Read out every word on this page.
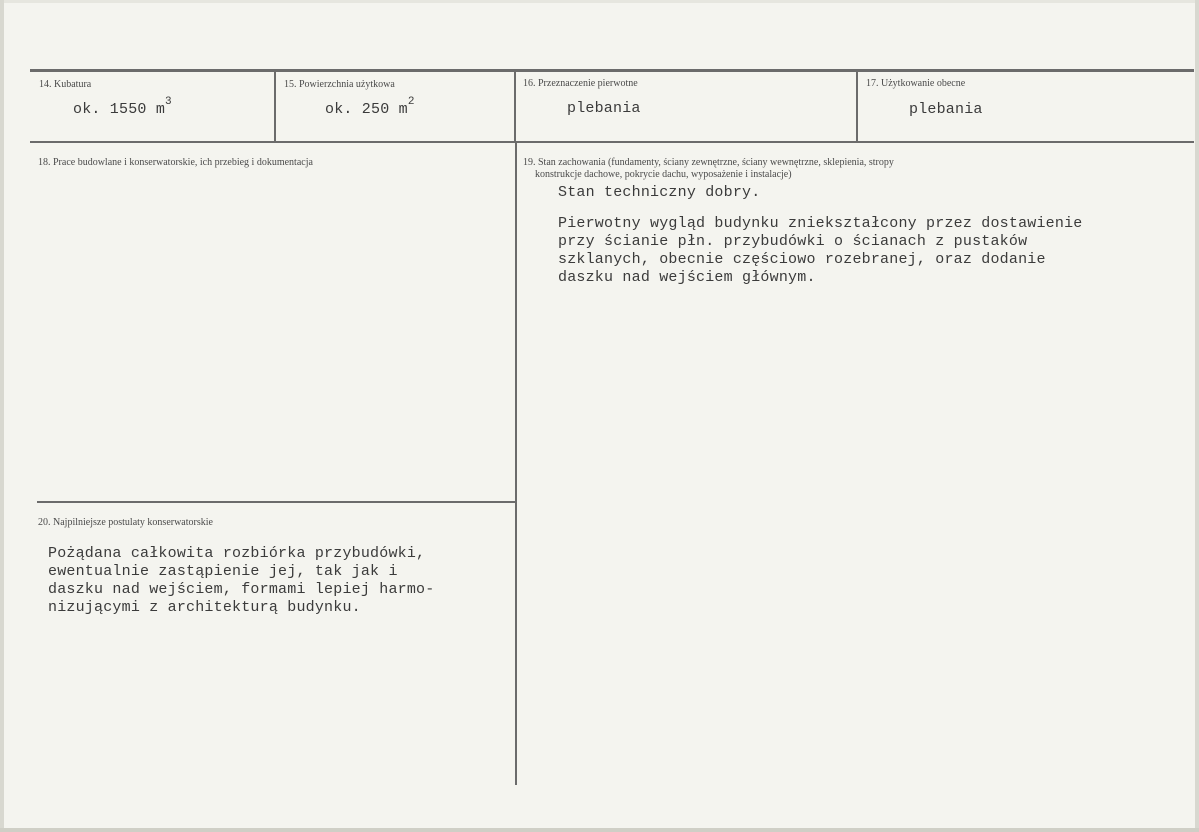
14. Kubatura
ok. 1550 $m^3$
15. Powierzchnia użytkowa
ok. 250 $m^2$
16. Przeznaczenie pierwotne
plebania
17. Użytkowanie obecne
plebania
18. Prace budowlane i konserwatorskie, ich przebieg i dokumentacja	19. Stan zachowania (fundamenty, ściany zewnętrzne, ściany wewnętrzne, sklepienia, stropy
konstrukcje dachowe, pokrycie dachu, wyposażenie i instalacje)
Stan techniczny dobry.
Pierwotny wygląd budynku zniekształcony przez dostawienie
przy ścianie płn. przybudówki o ścianach z pustaków
szklanych, obecnie częściowo rozebranej, oraz dodanie
daszku nad wejściem głównym.
20. Najpilniejsze postulaty konserwatorskie
Pożądana całkowita rozbiórka przybudówki,
ewentualnie zastąpienie jej, tak jak i
daszku nad wejściem, formami lepiej harmo-
nizującymi z architekturą budynku.
